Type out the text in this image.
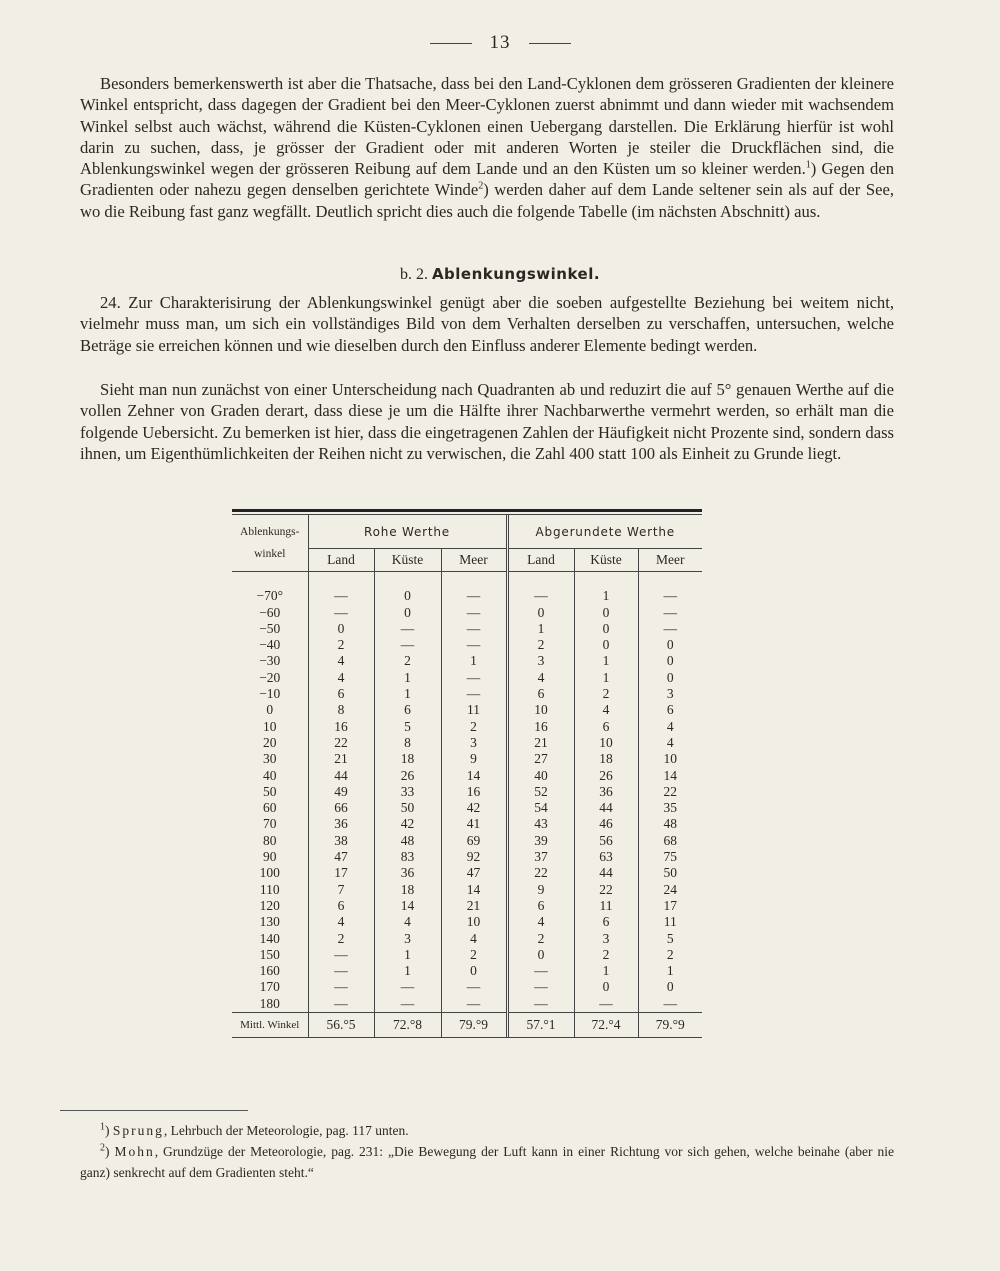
13

Besonders bemerkenswerth ist aber die Thatsache, dass bei den Land-Cyklonen dem grösseren Gradienten der kleinere Winkel entspricht, dass dagegen der Gradient bei den Meer-Cyklonen zuerst abnimmt und dann wieder mit wachsendem Winkel selbst auch wächst, während die Küsten-Cyklonen einen Uebergang darstellen. Die Erklärung hierfür ist wohl darin zu suchen, dass, je grösser der Gradient oder mit anderen Worten je steiler die Druckflächen sind, die Ablenkungswinkel wegen der grösseren Reibung auf dem Lande und an den Küsten um so kleiner werden.$^1$) Gegen den Gradienten oder nahezu gegen denselben gerichtete Winde$^2$) werden daher auf dem Lande seltener sein als auf der See, wo die Reibung fast ganz wegfällt. Deutlich spricht dies auch die folgende Tabelle (im nächsten Abschnitt) aus.

b. 2. Ablenkungswinkel.

24. Zur Charakterisirung der Ablenkungswinkel genügt aber die soeben aufgestellte Beziehung bei weitem nicht, vielmehr muss man, um sich ein vollständiges Bild von dem Verhalten derselben zu verschaffen, untersuchen, welche Beträge sie erreichen können und wie dieselben durch den Einfluss anderer Elemente bedingt werden.

Sieht man nun zunächst von einer Unterscheidung nach Quadranten ab und reduzirt die auf 5° genauen Werthe auf die vollen Zehner von Graden derart, dass diese je um die Hälfte ihrer Nachbarwerthe vermehrt werden, so erhält man die folgende Uebersicht. Zu bemerken ist hier, dass die eingetragenen Zahlen der Häufigkeit nicht Prozente sind, sondern dass ihnen, um Eigenthümlichkeiten der Reihen nicht zu verwischen, die Zahl 400 statt 100 als Einheit zu Grunde liegt.

Ablenkungs-
winkel	Rohe Werthe			Abgerundete Werthe		
	Land	Küste	Meer	Land	Küste	Meer

−70°	—	0	—	—	1	—
−60	—	0	—	0	0	—
−50	0	—	—	1	0	—
−40	2	—	—	2	0	0
−30	4	2	1	3	1	0
−20	4	1	—	4	1	0
−10	6	1	—	6	2	3
0	8	6	11	10	4	6
10	16	5	2	16	6	4
20	22	8	3	21	10	4
30	21	18	9	27	18	10
40	44	26	14	40	26	14
50	49	33	16	52	36	22
60	66	50	42	54	44	35
70	36	42	41	43	46	48
80	38	48	69	39	56	68
90	47	83	92	37	63	75
100	17	36	47	22	44	50
110	7	18	14	9	22	24
120	6	14	21	6	11	17
130	4	4	10	4	6	11
140	2	3	4	2	3	5
150	—	1	2	0	2	2
160	—	1	0	—	1	1
170	—	—	—	—	0	0
180	—	—	—	—	—	—
Mittl. Winkel	56.°5	72.°8	79.°9	57.°1	72.°4	79.°9

$^1$) Sprung, Lehrbuch der Meteorologie, pag. 117 unten.

$^2$) Mohn, Grundzüge der Meteorologie, pag. 231: „Die Bewegung der Luft kann in einer Richtung vor sich gehen, welche beinahe (aber nie ganz) senkrecht auf dem Gradienten steht.“
